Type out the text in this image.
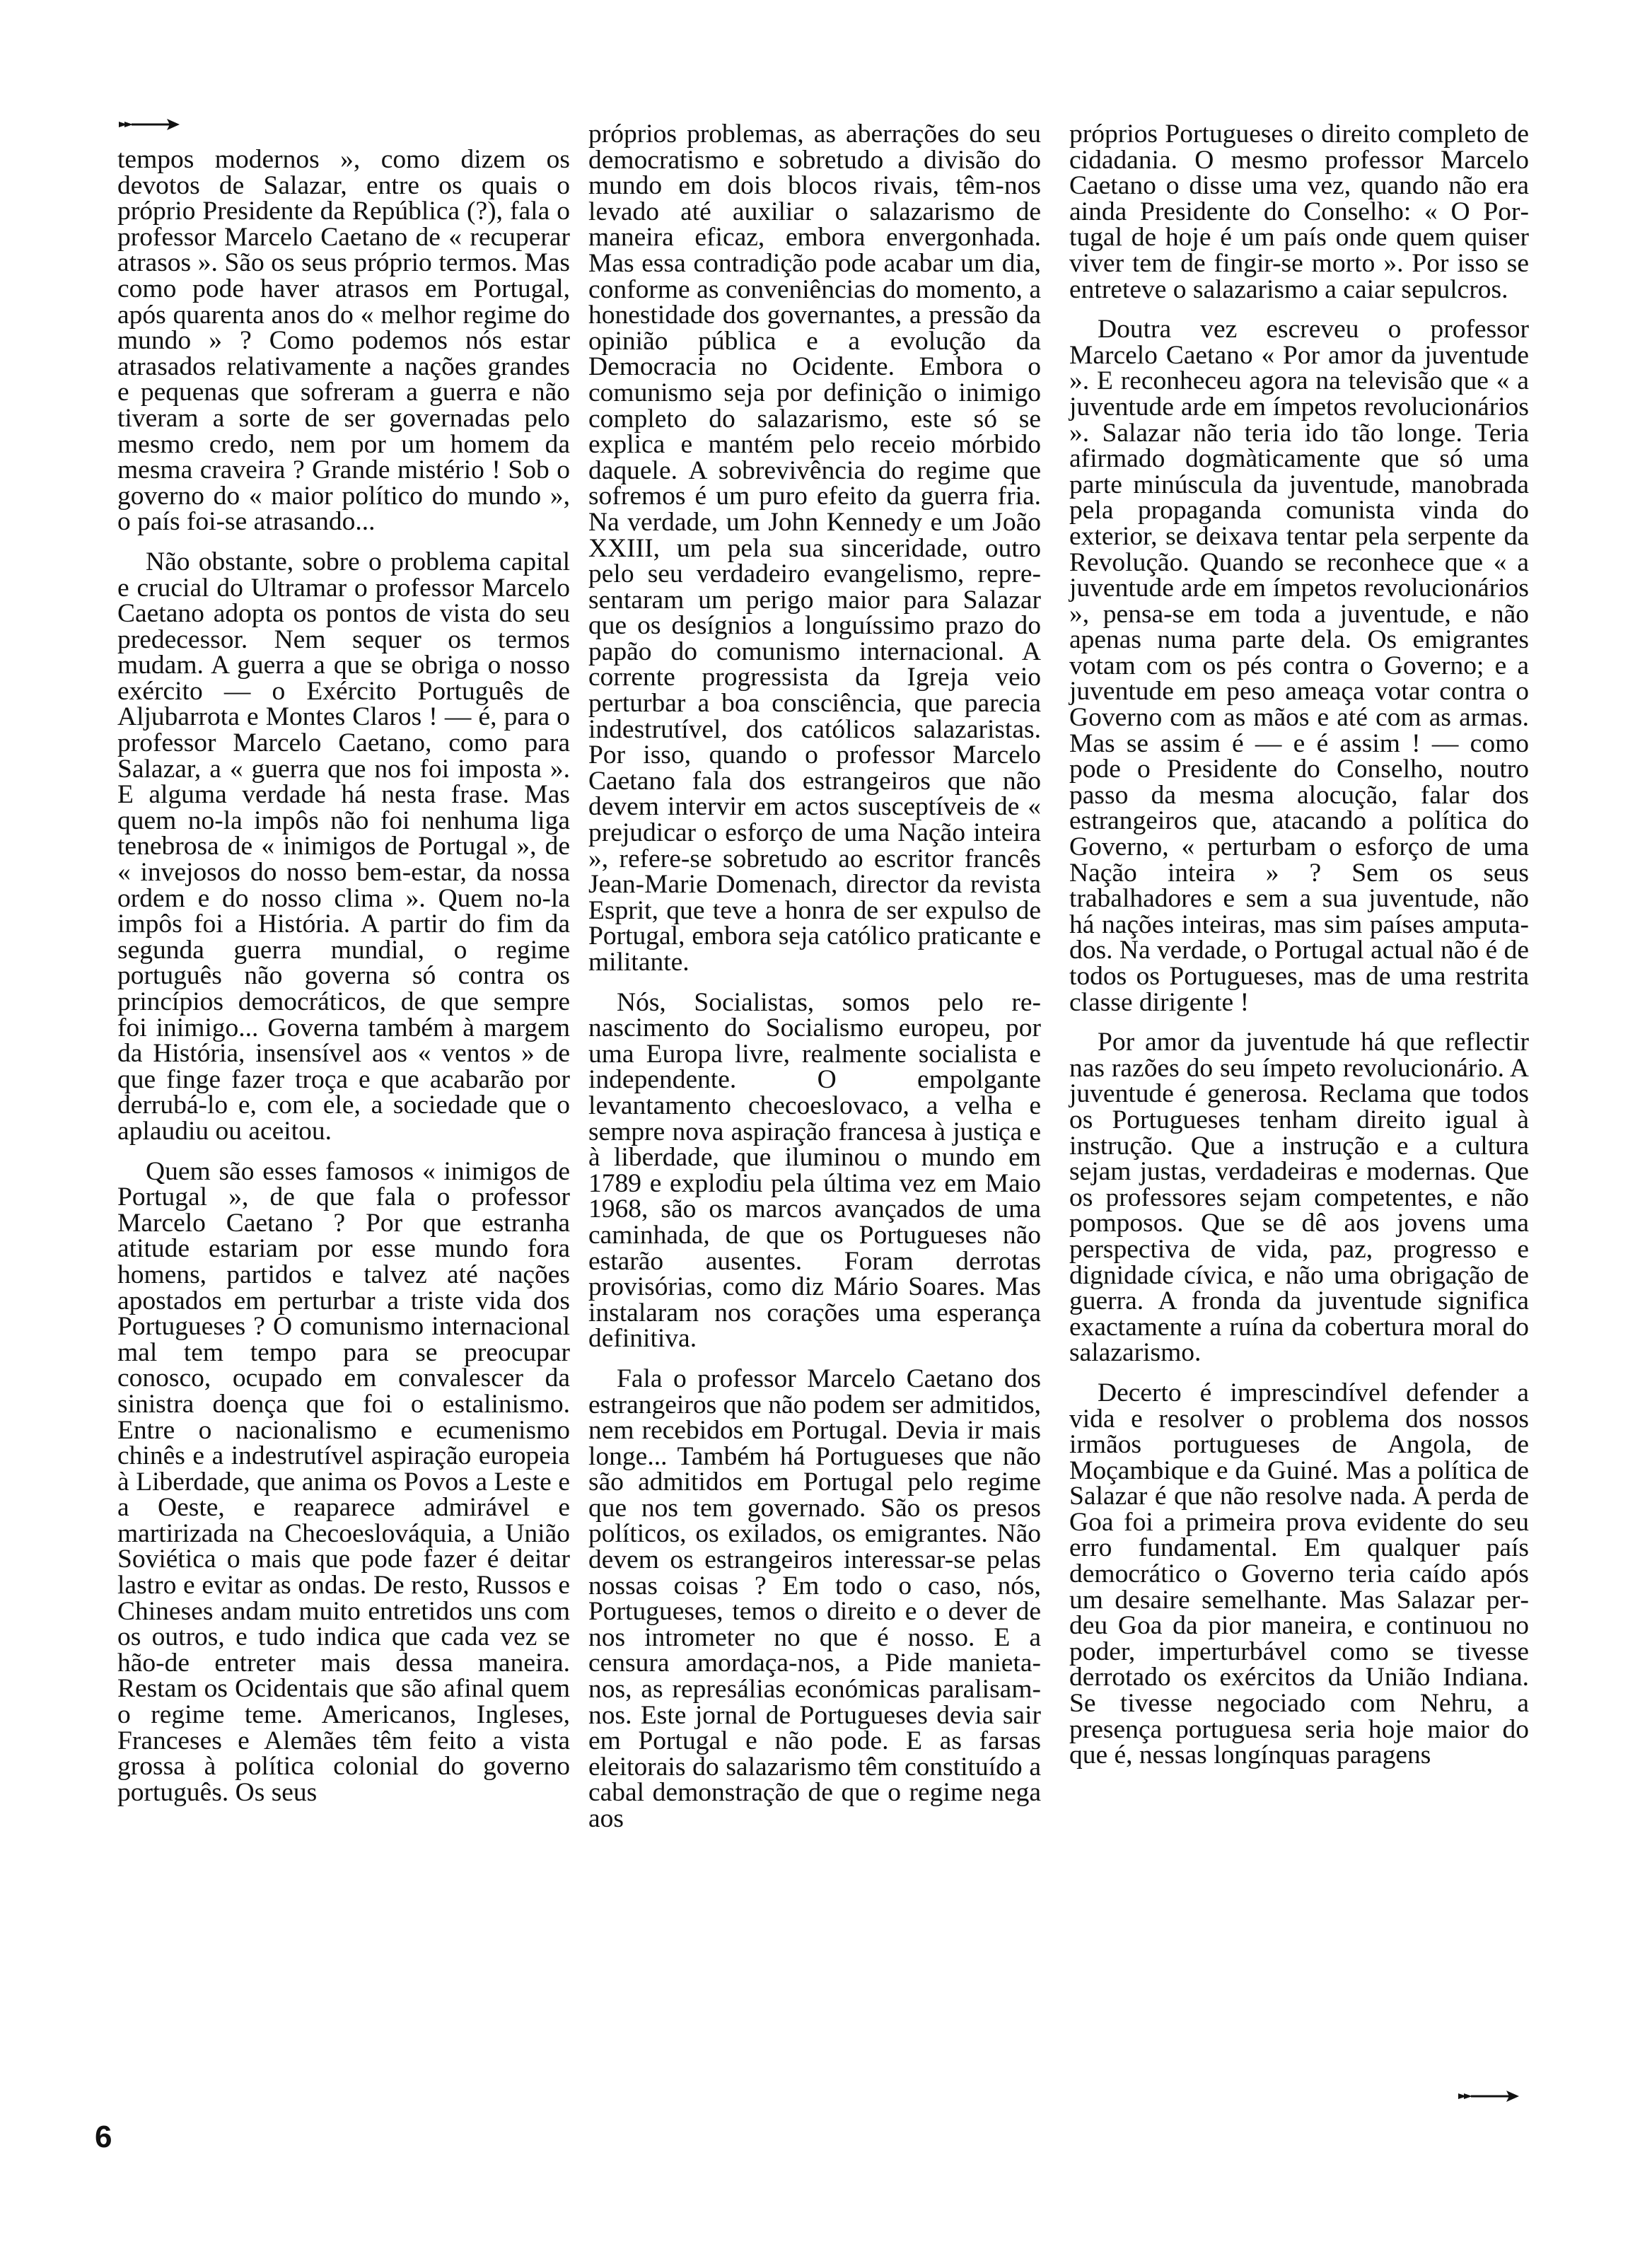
tempos modernos », como dizem os devotos de Salazar, entre os quais o próprio Presidente da República (?), fala o professor Marcelo Caetano de « recuperar atrasos ». São os seus próprio termos. Mas como pode haver atrasos em Portugal, após quarenta anos do « melhor regime do mundo » ? Como podemos nós estar atrasados relativamente a nações grandes e pequenas que sofreram a guerra e não tiveram a sorte de ser governadas pelo mesmo credo, nem por um homem da mesma craveira ? Grande mistério ! Sob o governo do « maior político do mundo », o país foi-se atrasando...

Não obstante, sobre o problema capital e crucial do Ultramar o professor Marcelo Caetano adopta os pontos de vista do seu predecessor. Nem sequer os termos mudam. A guerra a que se obriga o nosso exército — o Exército Português de Aljubarrota e Montes Claros ! — é, para o professor Marcelo Caetano, como para Salazar, a « guerra que nos foi imposta ». E alguma verdade há nesta frase. Mas quem no-la impôs não foi nenhuma liga tenebrosa de « inimigos de Portugal », de « invejosos do nosso bem-estar, da nossa ordem e do nosso clima ». Quem no-la impôs foi a História. A partir do fim da segunda guerra mundial, o regime português não governa só contra os princípios democráticos, de que sempre foi inimigo... Governa também à margem da História, insensível aos « ventos » de que finge fazer troça e que acabarão por derrubá-lo e, com ele, a sociedade que o aplaudiu ou aceitou.

Quem são esses famosos « inimigos de Portugal », de que fala o professor Marcelo Caetano ? Por que estranha atitude estariam por esse mundo fora homens, partidos e talvez até nações apostados em perturbar a triste vida dos Portugueses ? O comunismo internacional mal tem tempo para se preocupar conosco, ocupado em convalescer da sinistra doença que foi o estalinismo. Entre o nacionalismo e ecumenismo chinês e a indestrutível aspiração europeia à Liberdade, que anima os Povos a Leste e a Oeste, e reaparece admirável e martirizada na Checoeslováquia, a União Soviética o mais que pode fazer é deitar lastro e evitar as ondas. De resto, Russos e Chineses andam muito entretidos uns com os outros, e tudo indica que cada vez se hão-de entreter mais dessa maneira. Restam os Ocidentais que são afinal quem o regime teme. Americanos, Ingleses, Franceses e Alemães têm feito a vista grossa à política colonial do governo português. Os seus

próprios problemas, as aberrações do seu democratismo e sobretudo a divisão do mundo em dois blocos rivais, têm-nos levado até auxiliar o salazarismo de maneira eficaz, embora envergonhada. Mas essa contradição pode acabar um dia, conforme as conveniências do momento, a honestidade dos governantes, a pressão da opinião pública e a evolução da Democracia no Ocidente. Embora o comunismo seja por definição o inimigo completo do salazarismo, este só se explica e mantém pelo receio mórbido daquele. A sobrevivência do regime que sofremos é um puro efeito da guerra fria. Na verdade, um John Kennedy e um João XXIII, um pela sua sinceridade, outro pelo seu verdadeiro evangelismo, representaram um perigo maior para Salazar que os desígnios a longuíssimo prazo do papão do comunismo internacional. A corrente progressista da Igreja veio perturbar a boa consciência, que parecia indestrutível, dos católicos salazaristas. Por isso, quando o professor Marcelo Caetano fala dos estrangeiros que não devem intervir em actos susceptíveis de « prejudicar o esforço de uma Nação inteira », refere-se sobretudo ao escritor francês Jean-Marie Domenach, director da revista Esprit, que teve a honra de ser expulso de Portugal, embora seja católico praticante e militante.

Nós, Socialistas, somos pelo renascimento do Socialismo europeu, por uma Europa livre, realmente socialista e independente. O empolgante levantamento checoeslovaco, a velha e sempre nova aspiração francesa à justiça e à liberdade, que iluminou o mundo em 1789 e explodiu pela última vez em Maio 1968, são os marcos avançados de uma caminhada, de que os Portugueses não estarão ausentes. Foram derrotas provisórias, como diz Mário Soares. Mas instalaram nos corações uma esperança definitiva.

Fala o professor Marcelo Caetano dos estrangeiros que não podem ser admitidos, nem recebidos em Portugal. Devia ir mais longe... Também há Portugueses que não são admitidos em Portugal pelo regime que nos tem governado. São os presos políticos, os exilados, os emigrantes. Não devem os estrangeiros interessar-se pelas nossas coisas ? Em todo o caso, nós, Portugueses, temos o direito e o dever de nos intrometer no que é nosso. E a censura amordaça-nos, a Pide manieta-nos, as represálias económicas paralisam-nos. Este jornal de Portugueses devia sair em Portugal e não pode. E as farsas eleitorais do salazarismo têm constituído a cabal demonstração de que o regime nega aos

próprios Portugueses o direito completo de cidadania. O mesmo professor Marcelo Caetano o disse uma vez, quando não era ainda Presidente do Conselho: « O Portugal de hoje é um país onde quem quiser viver tem de fingir-se morto ». Por isso se entreteve o salazarismo a caiar sepulcros.

Doutra vez escreveu o professor Marcelo Caetano « Por amor da juventude ». E reconheceu agora na televisão que « a juventude arde em ímpetos revolucionários ». Salazar não teria ido tão longe. Teria afirmado dogmàticamente que só uma parte minúscula da juventude, manobrada pela propaganda comunista vinda do exterior, se deixava tentar pela serpente da Revolução. Quando se reconhece que « a juventude arde em ímpetos revolucionários », pensa-se em toda a juventude, e não apenas numa parte dela. Os emigrantes votam com os pés contra o Governo; e a juventude em peso ameaça votar contra o Governo com as mãos e até com as armas. Mas se assim é — e é assim ! — como pode o Presidente do Conselho, noutro passo da mesma alocução, falar dos estrangeiros que, atacando a política do Governo, « perturbam o esforço de uma Nação inteira » ? Sem os seus trabalhadores e sem a sua juventude, não há nações inteiras, mas sim países amputados. Na verdade, o Portugal actual não é de todos os Portugueses, mas de uma restrita classe dirigente !

Por amor da juventude há que reflectir nas razões do seu ímpeto revolucionário. A juventude é generosa. Reclama que todos os Portugueses tenham direito igual à instrução. Que a instrução e a cultura sejam justas, verdadeiras e modernas. Que os professores sejam competentes, e não pomposos. Que se dê aos jovens uma perspectiva de vida, paz, progresso e dignidade cívica, e não uma obrigação de guerra. A fronda da juventude significa exactamente a ruína da cobertura moral do salazarismo.

Decerto é imprescindível defender a vida e resolver o problema dos nossos irmãos portugueses de Angola, de Moçambique e da Guiné. Mas a política de Salazar é que não resolve nada. A perda de Goa foi a primeira prova evidente do seu erro fundamental. Em qualquer país democrático o Governo teria caído após um desaire semelhante. Mas Salazar perdeu Goa da pior maneira, e continuou no poder, imperturbável como se tivesse derrotado os exércitos da União Indiana. Se tivesse negociado com Nehru, a presença portuguesa seria hoje maior do que é, nessas longínquas paragens

6
